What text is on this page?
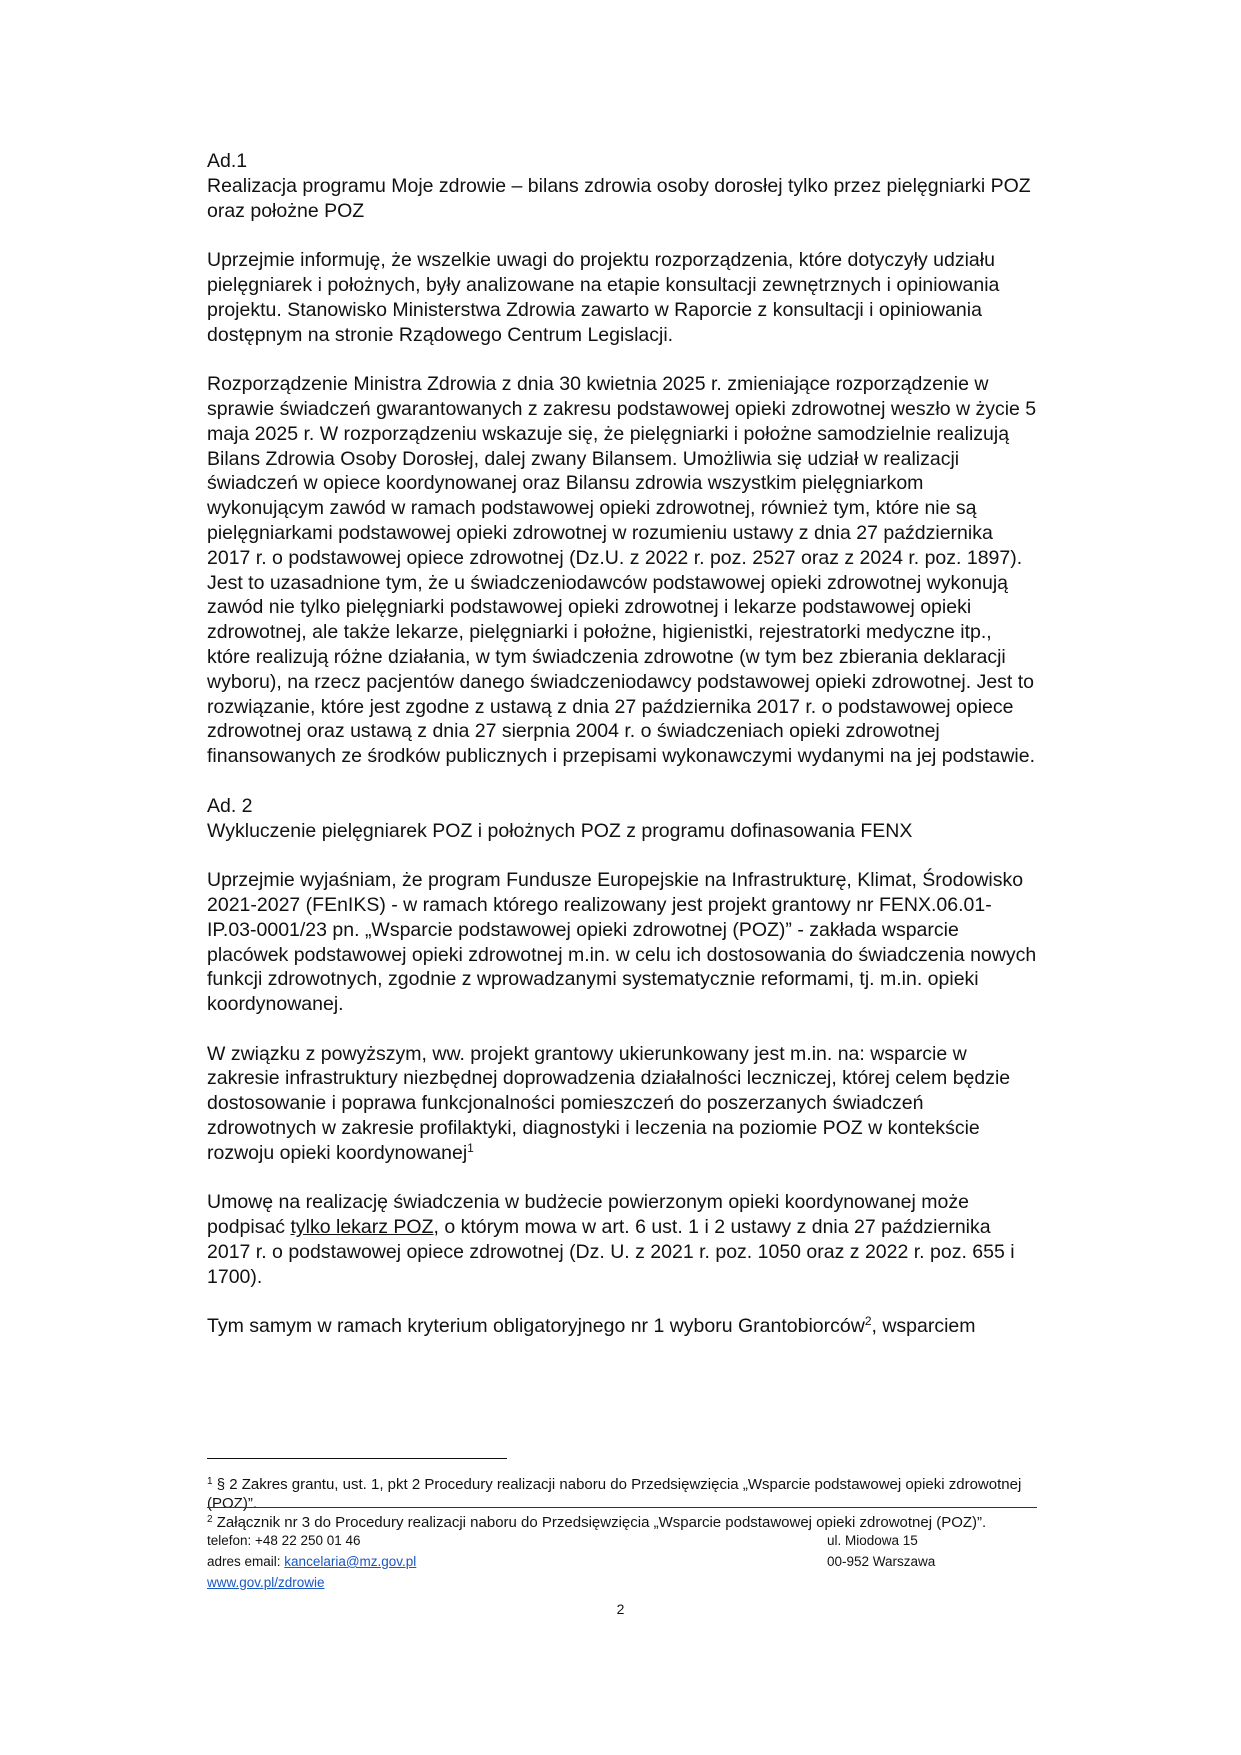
Ad.1

Realizacja programu Moje zdrowie – bilans zdrowia osoby dorosłej tylko przez pielęgniarki POZ oraz położne POZ

Uprzejmie informuję, że wszelkie uwagi do projektu rozporządzenia, które dotyczyły udziału pielęgniarek i położnych, były analizowane na etapie konsultacji zewnętrznych i opiniowania projektu. Stanowisko Ministerstwa Zdrowia zawarto w Raporcie z konsultacji i opiniowania dostępnym na stronie Rządowego Centrum Legislacji.

Rozporządzenie Ministra Zdrowia z dnia 30 kwietnia 2025 r. zmieniające rozporządzenie w sprawie świadczeń gwarantowanych z zakresu podstawowej opieki zdrowotnej weszło w życie 5 maja 2025 r. W rozporządzeniu wskazuje się, że pielęgniarki i położne samodzielnie realizują Bilans Zdrowia Osoby Dorosłej, dalej zwany Bilansem. Umożliwia się udział w realizacji świadczeń w opiece koordynowanej oraz Bilansu zdrowia wszystkim pielęgniarkom wykonującym zawód w ramach podstawowej opieki zdrowotnej, również tym, które nie są pielęgniarkami podstawowej opieki zdrowotnej w rozumieniu ustawy z dnia 27 października 2017 r. o podstawowej opiece zdrowotnej (Dz.U. z 2022 r. poz. 2527 oraz z 2024 r. poz. 1897). Jest to uzasadnione tym, że u świadczeniodawców podstawowej opieki zdrowotnej wykonują zawód nie tylko pielęgniarki podstawowej opieki zdrowotnej i lekarze podstawowej opieki zdrowotnej, ale także lekarze, pielęgniarki i położne, higienistki, rejestratorki medyczne itp., które realizują różne działania, w tym świadczenia zdrowotne (w tym bez zbierania deklaracji wyboru), na rzecz pacjentów danego świadczeniodawcy podstawowej opieki zdrowotnej. Jest to rozwiązanie, które jest zgodne z ustawą z dnia 27 października 2017 r. o podstawowej opiece zdrowotnej oraz ustawą z dnia 27 sierpnia 2004 r. o świadczeniach opieki zdrowotnej finansowanych ze środków publicznych i przepisami wykonawczymi wydanymi na jej podstawie.

Ad. 2

Wykluczenie pielęgniarek POZ i położnych POZ z programu dofinasowania FENX

Uprzejmie wyjaśniam, że program Fundusze Europejskie na Infrastrukturę, Klimat, Środowisko 2021-2027 (FEnIKS) - w ramach którego realizowany jest projekt grantowy nr FENX.06.01-IP.03-0001/23 pn. „Wsparcie podstawowej opieki zdrowotnej (POZ)” - zakłada wsparcie placówek podstawowej opieki zdrowotnej m.in. w celu ich dostosowania do świadczenia nowych funkcji zdrowotnych, zgodnie z wprowadzanymi systematycznie reformami, tj. m.in. opieki koordynowanej.

W związku z powyższym, ww. projekt grantowy ukierunkowany jest m.in. na: wsparcie w zakresie infrastruktury niezbędnej doprowadzenia działalności leczniczej, której celem będzie dostosowanie i poprawa funkcjonalności pomieszczeń do poszerzanych świadczeń zdrowotnych w zakresie profilaktyki, diagnostyki i leczenia na poziomie POZ w kontekście rozwoju opieki koordynowanej$^1$

Umowę na realizację świadczenia w budżecie powierzonym opieki koordynowanej może podpisać tylko lekarz POZ, o którym mowa w art. 6 ust. 1 i 2 ustawy z dnia 27 października 2017 r. o podstawowej opiece zdrowotnej (Dz. U. z 2021 r. poz. 1050 oraz z 2022 r. poz. 655 i 1700).

Tym samym w ramach kryterium obligatoryjnego nr 1 wyboru Grantobiorców$^2$, wsparciem

$^1$ § 2 Zakres grantu, ust. 1, pkt 2 Procedury realizacji naboru do Przedsięwzięcia „Wsparcie podstawowej opieki zdrowotnej (POZ)”.

$^2$ Załącznik nr 3 do Procedury realizacji naboru do Przedsięwzięcia „Wsparcie podstawowej opieki zdrowotnej (POZ)”.

telefon: +48 22 250 01 46
adres email: kancelaria@mz.gov.pl
www.gov.pl/zdrowie
ul. Miodowa 15
00-952 Warszawa
2
